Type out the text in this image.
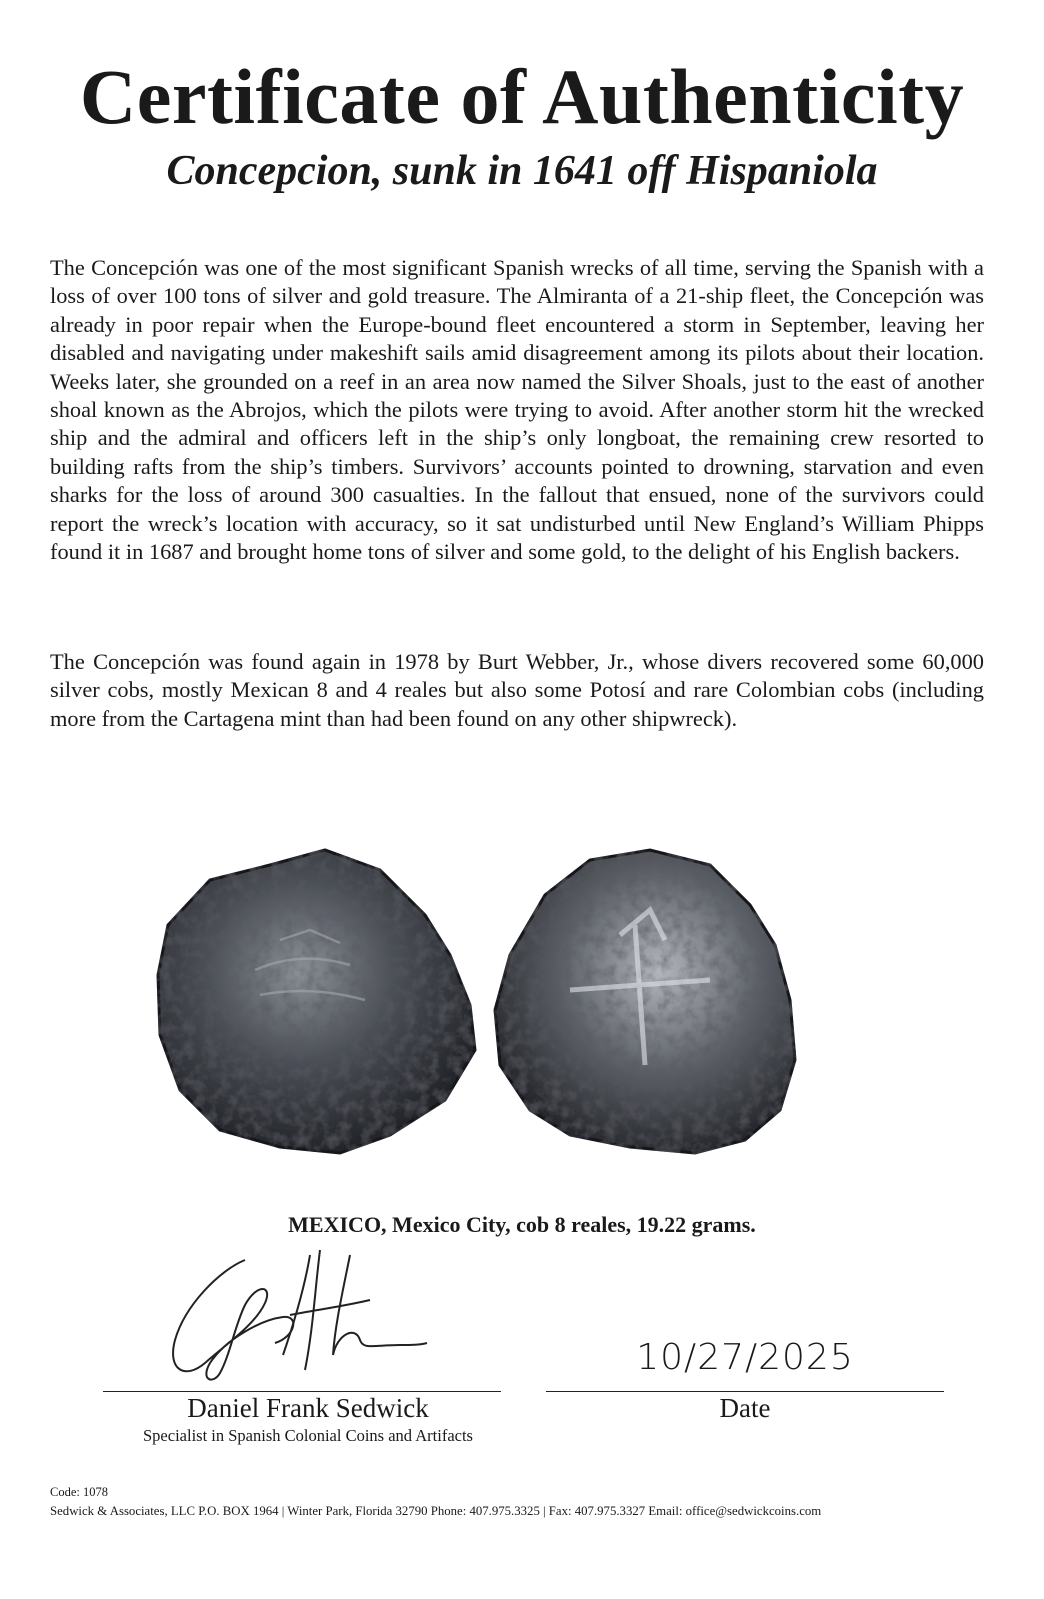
Certificate of Authenticity
Concepcion, sunk in 1641 off Hispaniola

The Concepción was one of the most significant Spanish wrecks of all time, serving the Spanish with a loss of over 100 tons of silver and gold treasure. The Almiranta of a 21-ship fleet, the Concepción was already in poor repair when the Europe-bound fleet encountered a storm in September, leaving her disabled and navigating under makeshift sails amid disagreement among its pilots about their location. Weeks later, she grounded on a reef in an area now named the Silver Shoals, just to the east of another shoal known as the Abrojos, which the pilots were trying to avoid. After another storm hit the wrecked ship and the admiral and officers left in the ship’s only longboat, the remaining crew resorted to building rafts from the ship’s timbers. Survivors’ accounts pointed to drowning, starvation and even sharks for the loss of around 300 casualties. In the fallout that ensued, none of the survivors could report the wreck’s location with accuracy, so it sat undisturbed until New England’s William Phipps found it in 1687 and brought home tons of silver and some gold, to the delight of his English backers.

The Concepción was found again in 1978 by Burt Webber, Jr., whose divers recovered some 60,000 silver cobs, mostly Mexican 8 and 4 reales but also some Potosí and rare Colombian cobs (including more from the Cartagena mint than had been found on any other shipwreck).

MEXICO, Mexico City, cob 8 reales, 19.22 grams.
10/27/2025
Daniel Frank Sedwick	Date
Specialist in Spanish Colonial Coins and Artifacts
Code: 1078
Sedwick & Associates, LLC P.O. BOX 1964 | Winter Park, Florida 32790 Phone: 407.975.3325 | Fax: 407.975.3327 Email: office@sedwickcoins.com
